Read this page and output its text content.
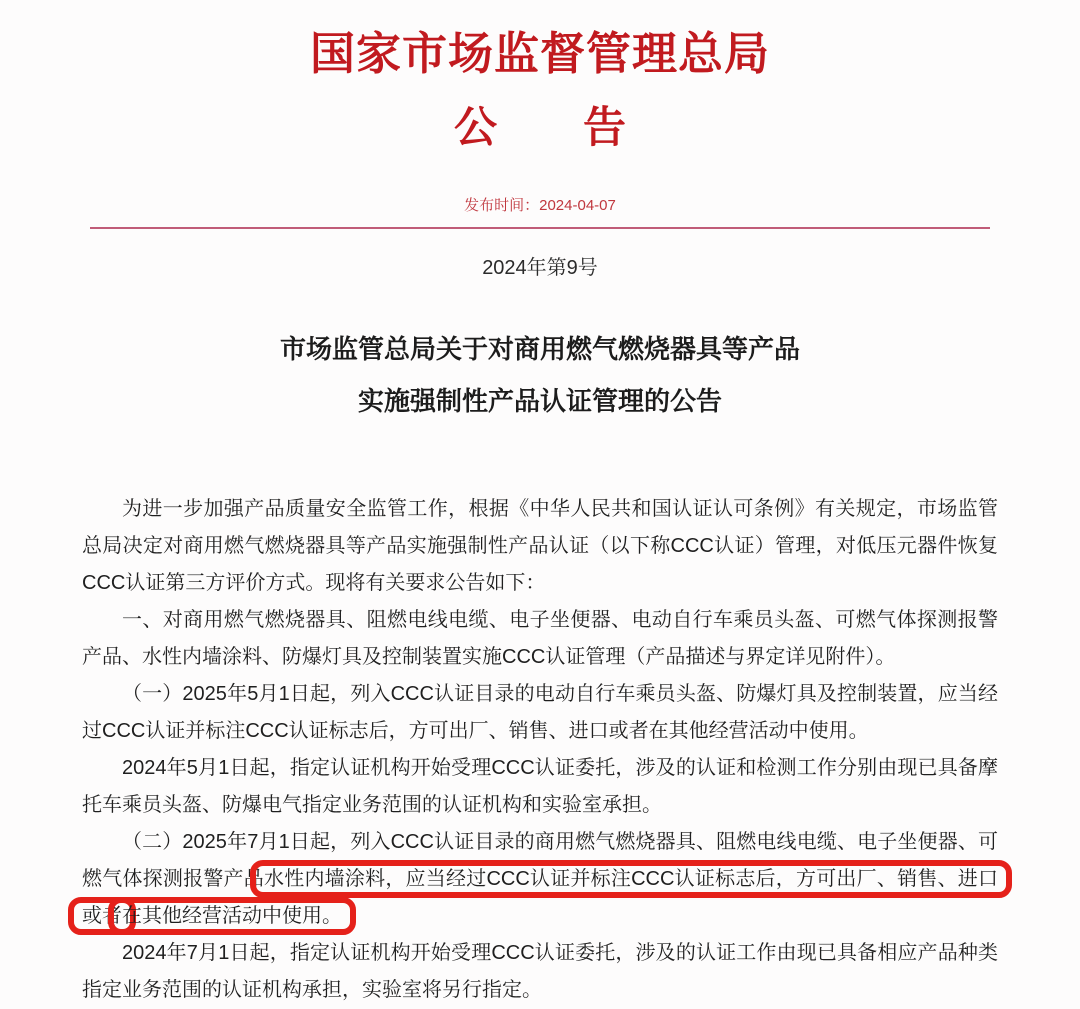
国家市场监督管理总局
公　　告
发布时间：2024-04-07
2024年第9号
市场监管总局关于对商用燃气燃烧器具等产品
实施强制性产品认证管理的公告

为进一步加强产品质量安全监管工作，根据《中华人民共和国认证认可条例》有关规定，市场监管总局决定对商用燃气燃烧器具等产品实施强制性产品认证（以下称CCC认证）管理，对低压元器件恢复CCC认证第三方评价方式。现将有关要求公告如下：

一、对商用燃气燃烧器具、阻燃电线电缆、电子坐便器、电动自行车乘员头盔、可燃气体探测报警产品、水性内墙涂料、防爆灯具及控制装置实施CCC认证管理（产品描述与界定详见附件）。

（一）2025年5月1日起，列入CCC认证目录的电动自行车乘员头盔、防爆灯具及控制装置，应当经过CCC认证并标注CCC认证标志后，方可出厂、销售、进口或者在其他经营活动中使用。

2024年5月1日起，指定认证机构开始受理CCC认证委托，涉及的认证和检测工作分别由现已具备摩托车乘员头盔、防爆电气指定业务范围的认证机构和实验室承担。

（二）2025年7月1日起，列入CCC认证目录的商用燃气燃烧器具、阻燃电线电缆、电子坐便器、可燃气体探测报警产品水性内墙涂料，应当经过CCC认证并标注CCC认证标志后，方可出厂、销售、进口或者在其他经营活动中使用。

2024年7月1日起，指定认证机构开始受理CCC认证委托，涉及的认证工作由现已具备相应产品种类指定业务范围的认证机构承担，实验室将另行指定。
